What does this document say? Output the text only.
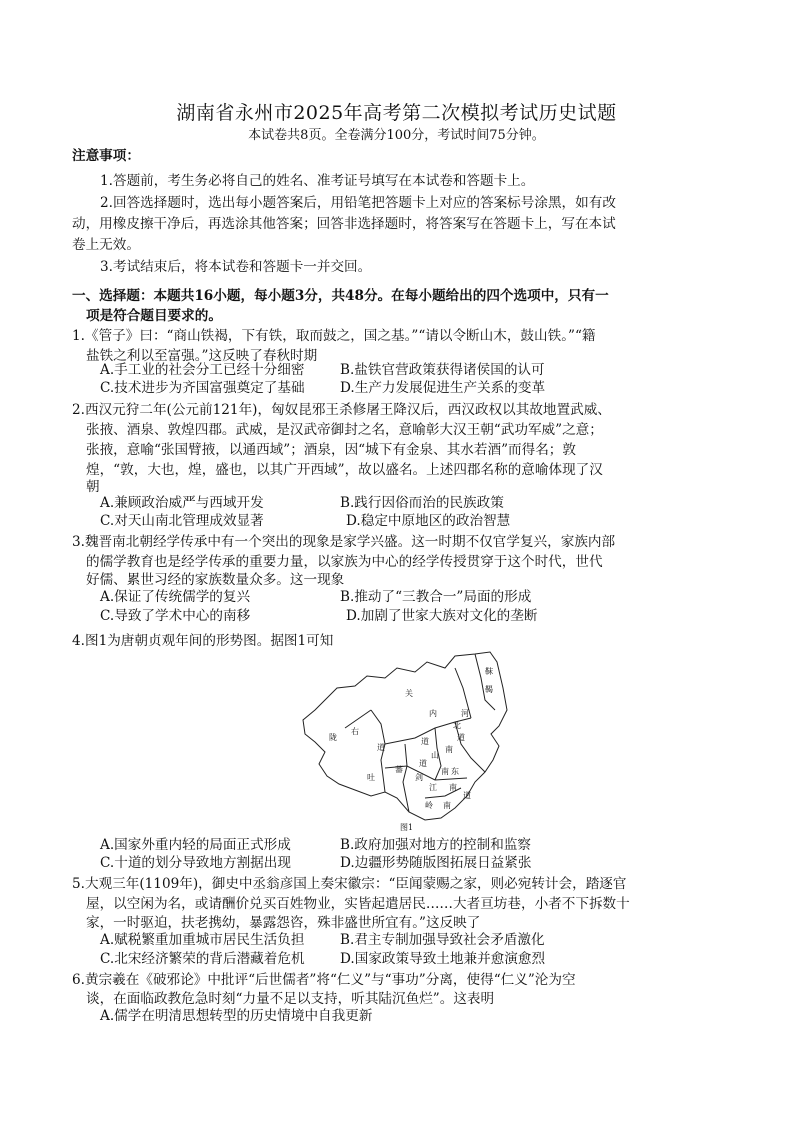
湖南省永州市2025年高考第二次模拟考试历史试题
本试卷共8页。全卷满分100分，考试时间75分钟。
注意事项：
1.答题前，考生务必将自己的姓名、准考证号填写在本试卷和答题卡上。
2.回答选择题时，选出每小题答案后，用铅笔把答题卡上对应的答案标号涂黑，如有改
动，用橡皮擦干净后，再选涂其他答案；回答非选择题时，将答案写在答题卡上，写在本试
卷上无效。
3.考试结束后，将本试卷和答题卡一并交回。
一、选择题：本题共16小题，每小题3分，共48分。在每小题给出的四个选项中，只有一
项是符合题目要求的。
1.《管子》曰：“商山铁褐，下有铁，取而鼓之，国之基。”“请以令断山木，鼓山铁。”“籍
盐铁之利以至富强。”这反映了春秋时期
A.手工业的社会分工已经十分细密	B.盐铁官营政策获得诸侯国的认可
C.技术进步为齐国富强奠定了基础	D.生产力发展促进生产关系的变革
2.西汉元狩二年(公元前121年)，匈奴昆邪王杀修屠王降汉后，西汉政权以其故地置武威、
张掖、酒泉、敦煌四郡。武威，是汉武帝御封之名，意喻彰大汉王朝“武功军威”之意；
张掖，意喻“张国臂掖，以通西域”；酒泉，因“城下有金泉、其水若酒”而得名；敦
煌，“敦，大也，煌，盛也，以其广开西域”，故以盛名。上述四郡名称的意喻体现了汉
朝
A.兼顾政治威严与西域开发	B.践行因俗而治的民族政策
C.对天山南北管理成效显著	D.稳定中原地区的政治智慧
3.魏晋南北朝经学传承中有一个突出的现象是家学兴盛。这一时期不仅官学复兴，家族内部
的儒学教育也是经学传承的重要力量，以家族为中心的经学传授贯穿于这个时代，世代
好儒、累世习经的家族数量众多。这一现象
A.保证了传统儒学的复兴	B.推动了“三教合一”局面的形成
C.导致了学术中心的南移	D.加剧了世家大族对文化的垄断
4.图1为唐朝贞观年间的形势图。据图1可知
靺
鞨
关
内
道
陇
右
道
吐
蕃
河
北
道
南
山
南 东
道
剑
江 南
道
岭 南
图1
A.国家外重内轻的局面正式形成	B.政府加强对地方的控制和监察
C.十道的划分导致地方割据出现	D.边疆形势随版图拓展日益紧张
5.大观三年(1109年)，御史中丞翁彦国上奏宋徽宗：“臣闻蒙赐之家，则必宛转计会，踏逐官
屋，以空闲为名，或请酬价兑买百姓物业，实皆起遣居民……大者亘坊巷，小者不下拆数十
家，一时驱迫，扶老携幼，暴露怨咨，殊非盛世所宜有。”这反映了
A.赋税繁重加重城市居民生活负担	B.君主专制加强导致社会矛盾激化
C.北宋经济繁荣的背后潜藏着危机	D.国家政策导致土地兼并愈演愈烈
6.黄宗羲在《破邪论》中批评“后世儒者”将“仁义”与“事功”分离，使得“仁义”沦为空
谈，在面临政教危急时刻“力量不足以支持，听其陆沉鱼烂”。这表明
A.儒学在明清思想转型的历史情境中自我更新
